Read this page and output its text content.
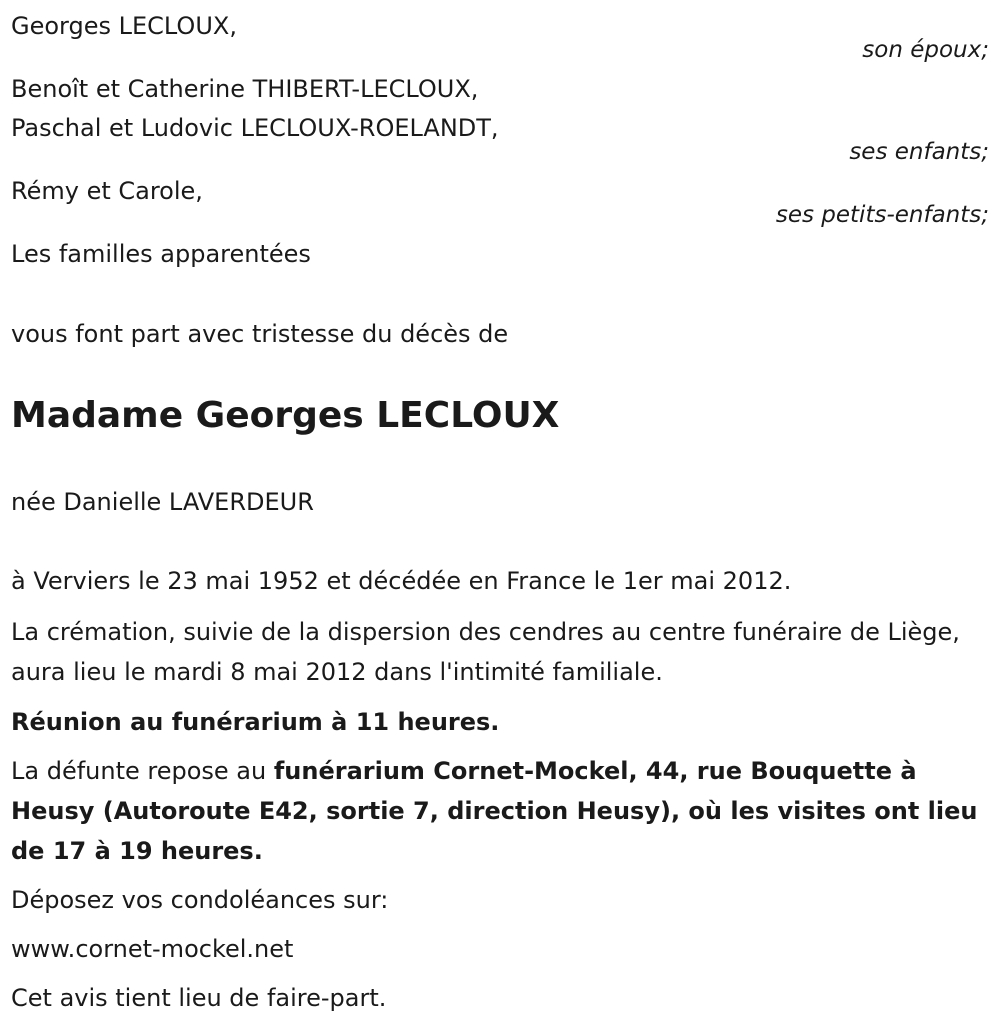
Georges LECLOUX,
son époux;
Benoît et Catherine THIBERT-LECLOUX,
Paschal et Ludovic LECLOUX-ROELANDT,
ses enfants;
Rémy et Carole,
ses petits-enfants;
Les familles apparentées
vous font part avec tristesse du décès de
Madame Georges LECLOUX
née Danielle LAVERDEUR
à Verviers le 23 mai 1952 et décédée en France le 1er mai 2012.
La crémation, suivie de la dispersion des cendres au centre funéraire de Liège, aura lieu le mardi 8 mai 2012 dans l'intimité familiale.
Réunion au funérarium à 11 heures.
La défunte repose au funérarium Cornet-Mockel, 44, rue Bouquette à Heusy (Autoroute E42, sortie 7, direction Heusy), où les visites ont lieu de 17 à 19 heures.
Déposez vos condoléances sur:
www.cornet-mockel.net
Cet avis tient lieu de faire-part.
